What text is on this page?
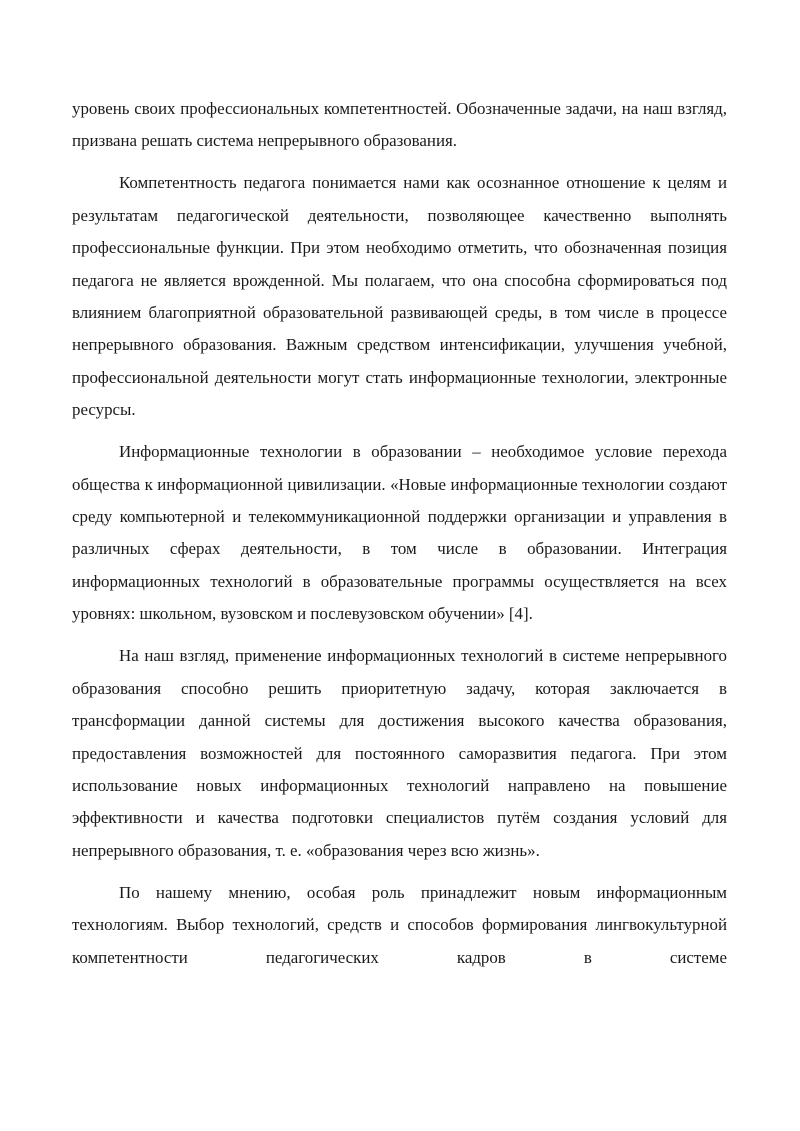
уровень своих профессиональных компетентностей. Обозначенные задачи, на наш взгляд, призвана решать система непрерывного образования.

Компетентность педагога понимается нами как осознанное отношение к целям и результатам педагогической деятельности, позволяющее качественно выполнять профессиональные функции. При этом необходимо отметить, что обозначенная позиция педагога не является врожденной. Мы полагаем, что она способна сформироваться под влиянием благоприятной образовательной развивающей среды, в том числе в процессе непрерывного образования. Важным средством интенсификации, улучшения учебной, профессиональной деятельности могут стать информационные технологии, электронные ресурсы.

Информационные технологии в образовании – необходимое условие перехода общества к информационной цивилизации. «Новые информационные технологии создают среду компьютерной и телекоммуникационной поддержки организации и управления в различных сферах деятельности, в том числе в образовании. Интеграция информационных технологий в образовательные программы осуществляется на всех уровнях: школьном, вузовском и послевузовском обучении» [4].

На наш взгляд, применение информационных технологий в системе непрерывного образования способно решить приоритетную задачу, которая заключается в трансформации данной системы для достижения высокого качества образования, предоставления возможностей для постоянного саморазвития педагога. При этом использование новых информационных технологий направлено на повышение эффективности и качества подготовки специалистов путём создания условий для непрерывного образования, т. е. «образования через всю жизнь».

По нашему мнению, особая роль принадлежит новым информационным технологиям. Выбор технологий, средств и способов формирования лингвокультурной компетентности педагогических кадров в системе
